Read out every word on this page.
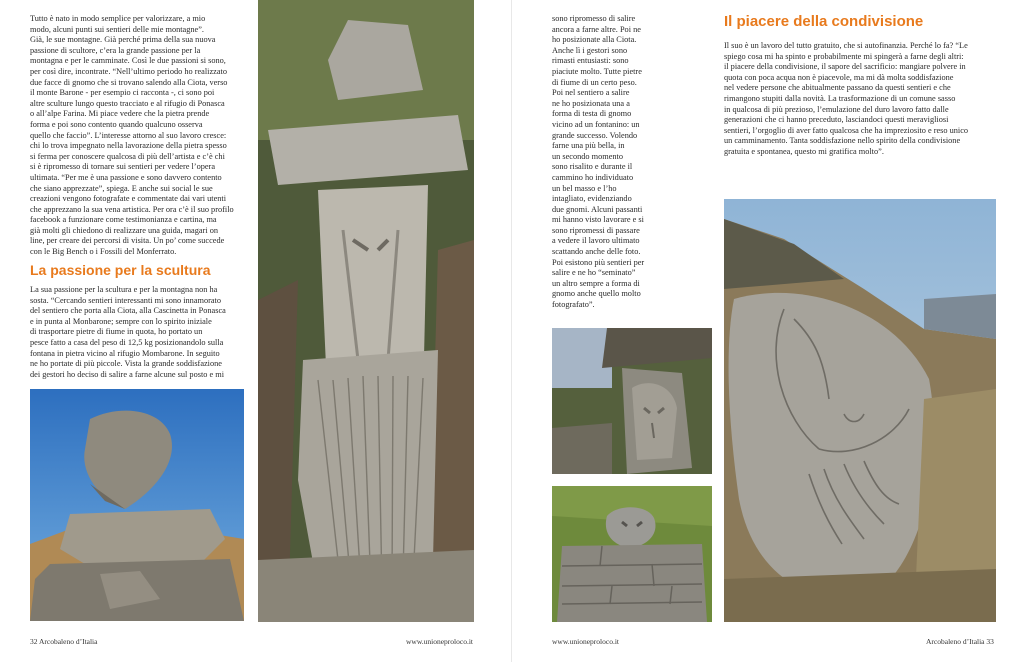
Tutto è nato in modo semplice per valorizzare, a mio
modo, alcuni punti sui sentieri delle mie montagne”.
Già, le sue montagne. Già perché prima della sua nuova
passione di scultore, c’era la grande passione per la
montagna e per le camminate. Così le due passioni si sono,
per così dire, incontrate. “Nell’ultimo periodo ho realizzato
due facce di gnomo che si trovano salendo alla Ciota, verso
il monte Barone - per esempio ci racconta -, ci sono poi
altre sculture lungo questo tracciato e al rifugio di Ponasca
o all’alpe Farina. Mi piace vedere che la pietra prende
forma e poi sono contento quando qualcuno osserva
quello che faccio”. L’interesse attorno al suo lavoro cresce:
chi lo trova impegnato nella lavorazione della pietra spesso
si ferma per conoscere qualcosa di più dell’artista e c’è chi
si è ripromesso di tornare sui sentieri per vedere l’opera
ultimata. “Per me è una passione e sono davvero contento
che siano apprezzate”, spiega. E anche sui social le sue
creazioni vengono fotografate e commentate dai vari utenti
che apprezzano la sua vena artistica. Per ora c’è il suo profilo
facebook a funzionare come testimonianza e cartina, ma
già molti gli chiedono di realizzare una guida, magari on
line, per creare dei percorsi di visita. Un po’ come succede
con le Big Bench o i Fossili del Monferrato.

La passione per la scultura

La sua passione per la scultura e per la montagna non ha
sosta. “Cercando sentieri interessanti mi sono innamorato
del sentiero che porta alla Ciota, alla Cascinetta in Ponasca
e in punta al Monbarone; sempre con lo spirito iniziale
di trasportare pietre di fiume in quota, ho portato un
pesce fatto a casa del peso di 12,5 kg posizionandolo sulla
fontana in pietra vicino al rifugio Mombarone. In seguito
ne ho portate di più piccole. Vista la grande soddisfazione
dei gestori ho deciso di salire a farne alcune sul posto e mi

32 Arcobaleno d’Italia	www.unioneproloco.it

sono ripromesso di salire
ancora a farne altre. Poi ne
ho posizionate alla Ciota.
Anche lì i gestori sono
rimasti entusiasti: sono
piaciute molto. Tutte pietre
di fiume di un certo peso.
Poi nel sentiero a salire
ne ho posizionata una a
forma di testa di gnomo
vicino ad un fontanino: un
grande successo. Volendo
farne una più bella, in
un secondo momento
sono risalito e durante il
cammino ho individuato
un bel masso e l’ho
intagliato, evidenziando
due gnomi. Alcuni passanti
mi hanno visto lavorare e si
sono ripromessi di passare
a vedere il lavoro ultimato
scattando anche delle foto.
Poi esistono più sentieri per
salire e ne ho “seminato”
un altro sempre a forma di
gnomo anche quello molto
fotografato”.

Il piacere della condivisione

Il suo è un lavoro del tutto gratuito, che si autofinanzia. Perché lo fa? “Le
spiego cosa mi ha spinto e probabilmente mi spingerà a farne degli altri:
il piacere della condivisione, il sapore del sacrificio: mangiare polvere in
quota con poca acqua non è piacevole, ma mi dà molta soddisfazione
nel vedere persone che abitualmente passano da questi sentieri e che
rimangono stupiti dalla novità. La trasformazione di un comune sasso
in qualcosa di più prezioso, l’emulazione del duro lavoro fatto dalle
generazioni che ci hanno preceduto, lasciandoci questi meravigliosi
sentieri, l’orgoglio di aver fatto qualcosa che ha impreziosito e reso unico
un camminamento. Tanta soddisfazione nello spirito della condivisione
gratuita e spontanea, questo mi gratifica molto”.

www.unioneproloco.it	Arcobaleno d’Italia 33
